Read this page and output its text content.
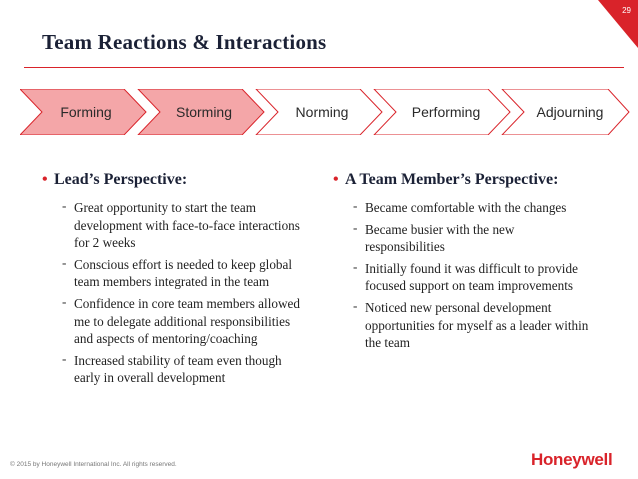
29
Team Reactions & Interactions
Forming	Storming	Norming	Performing	Adjourning
• Lead’s Perspective:
- Great opportunity to start the team development with face-to-face interactions for 2 weeks
- Conscious effort is needed to keep global team members integrated in the team
- Confidence in core team members allowed me to delegate additional responsibilities and aspects of mentoring/coaching
- Increased stability of team even though early in overall development
• A Team Member’s Perspective:
- Became comfortable with the changes
- Became busier with the new responsibilities
- Initially found it was difficult to provide focused support on team improvements
- Noticed new personal development opportunities for myself as a leader within the team
© 2015 by Honeywell International Inc. All rights reserved.	Honeywell
